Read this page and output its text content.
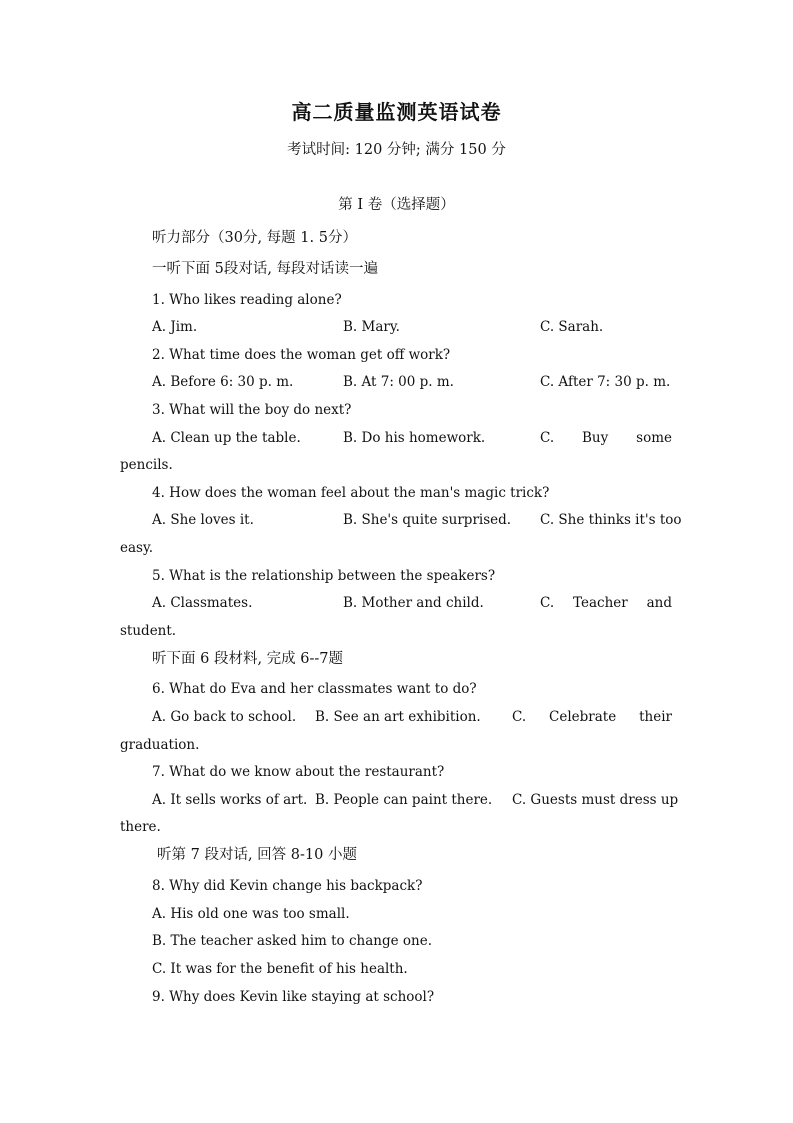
高二质量监测英语试卷
考试时间: 120 分钟; 满分 150 分
第 I 卷（选择题）
听力部分（30分, 每题 1. 5分）
一听下面 5段对话, 每段对话读一遍
1. Who likes reading alone?
A. Jim.	B. Mary.	C. Sarah.
2. What time does the woman get off work?
A. Before 6: 30 p. m.	B. At 7: 00 p. m.	C. After 7: 30 p. m.
3. What will the boy do next?
A. Clean up the table.	B. Do his homework.	C. Buy some
pencils.
4. How does the woman feel about the man's magic trick?
A. She loves it.	B. She's quite surprised. C. She thinks it's too
easy.
5. What is the relationship between the speakers?
A. Classmates.	B. Mother and child.	C. Teacher and
student.
听下面 6 段材料, 完成 6--7题
6. What do Eva and her classmates want to do?
A. Go back to school. B. See an art exhibition. C. Celebrate their
graduation.
7. What do we know about the restaurant?
A. It sells works of art. B. People can paint there. C. Guests must dress up
there.
听第 7 段对话, 回答 8-10 小题
8. Why did Kevin change his backpack?
A. His old one was too small.
B. The teacher asked him to change one.
C. It was for the benefit of his health.
9. Why does Kevin like staying at school?
